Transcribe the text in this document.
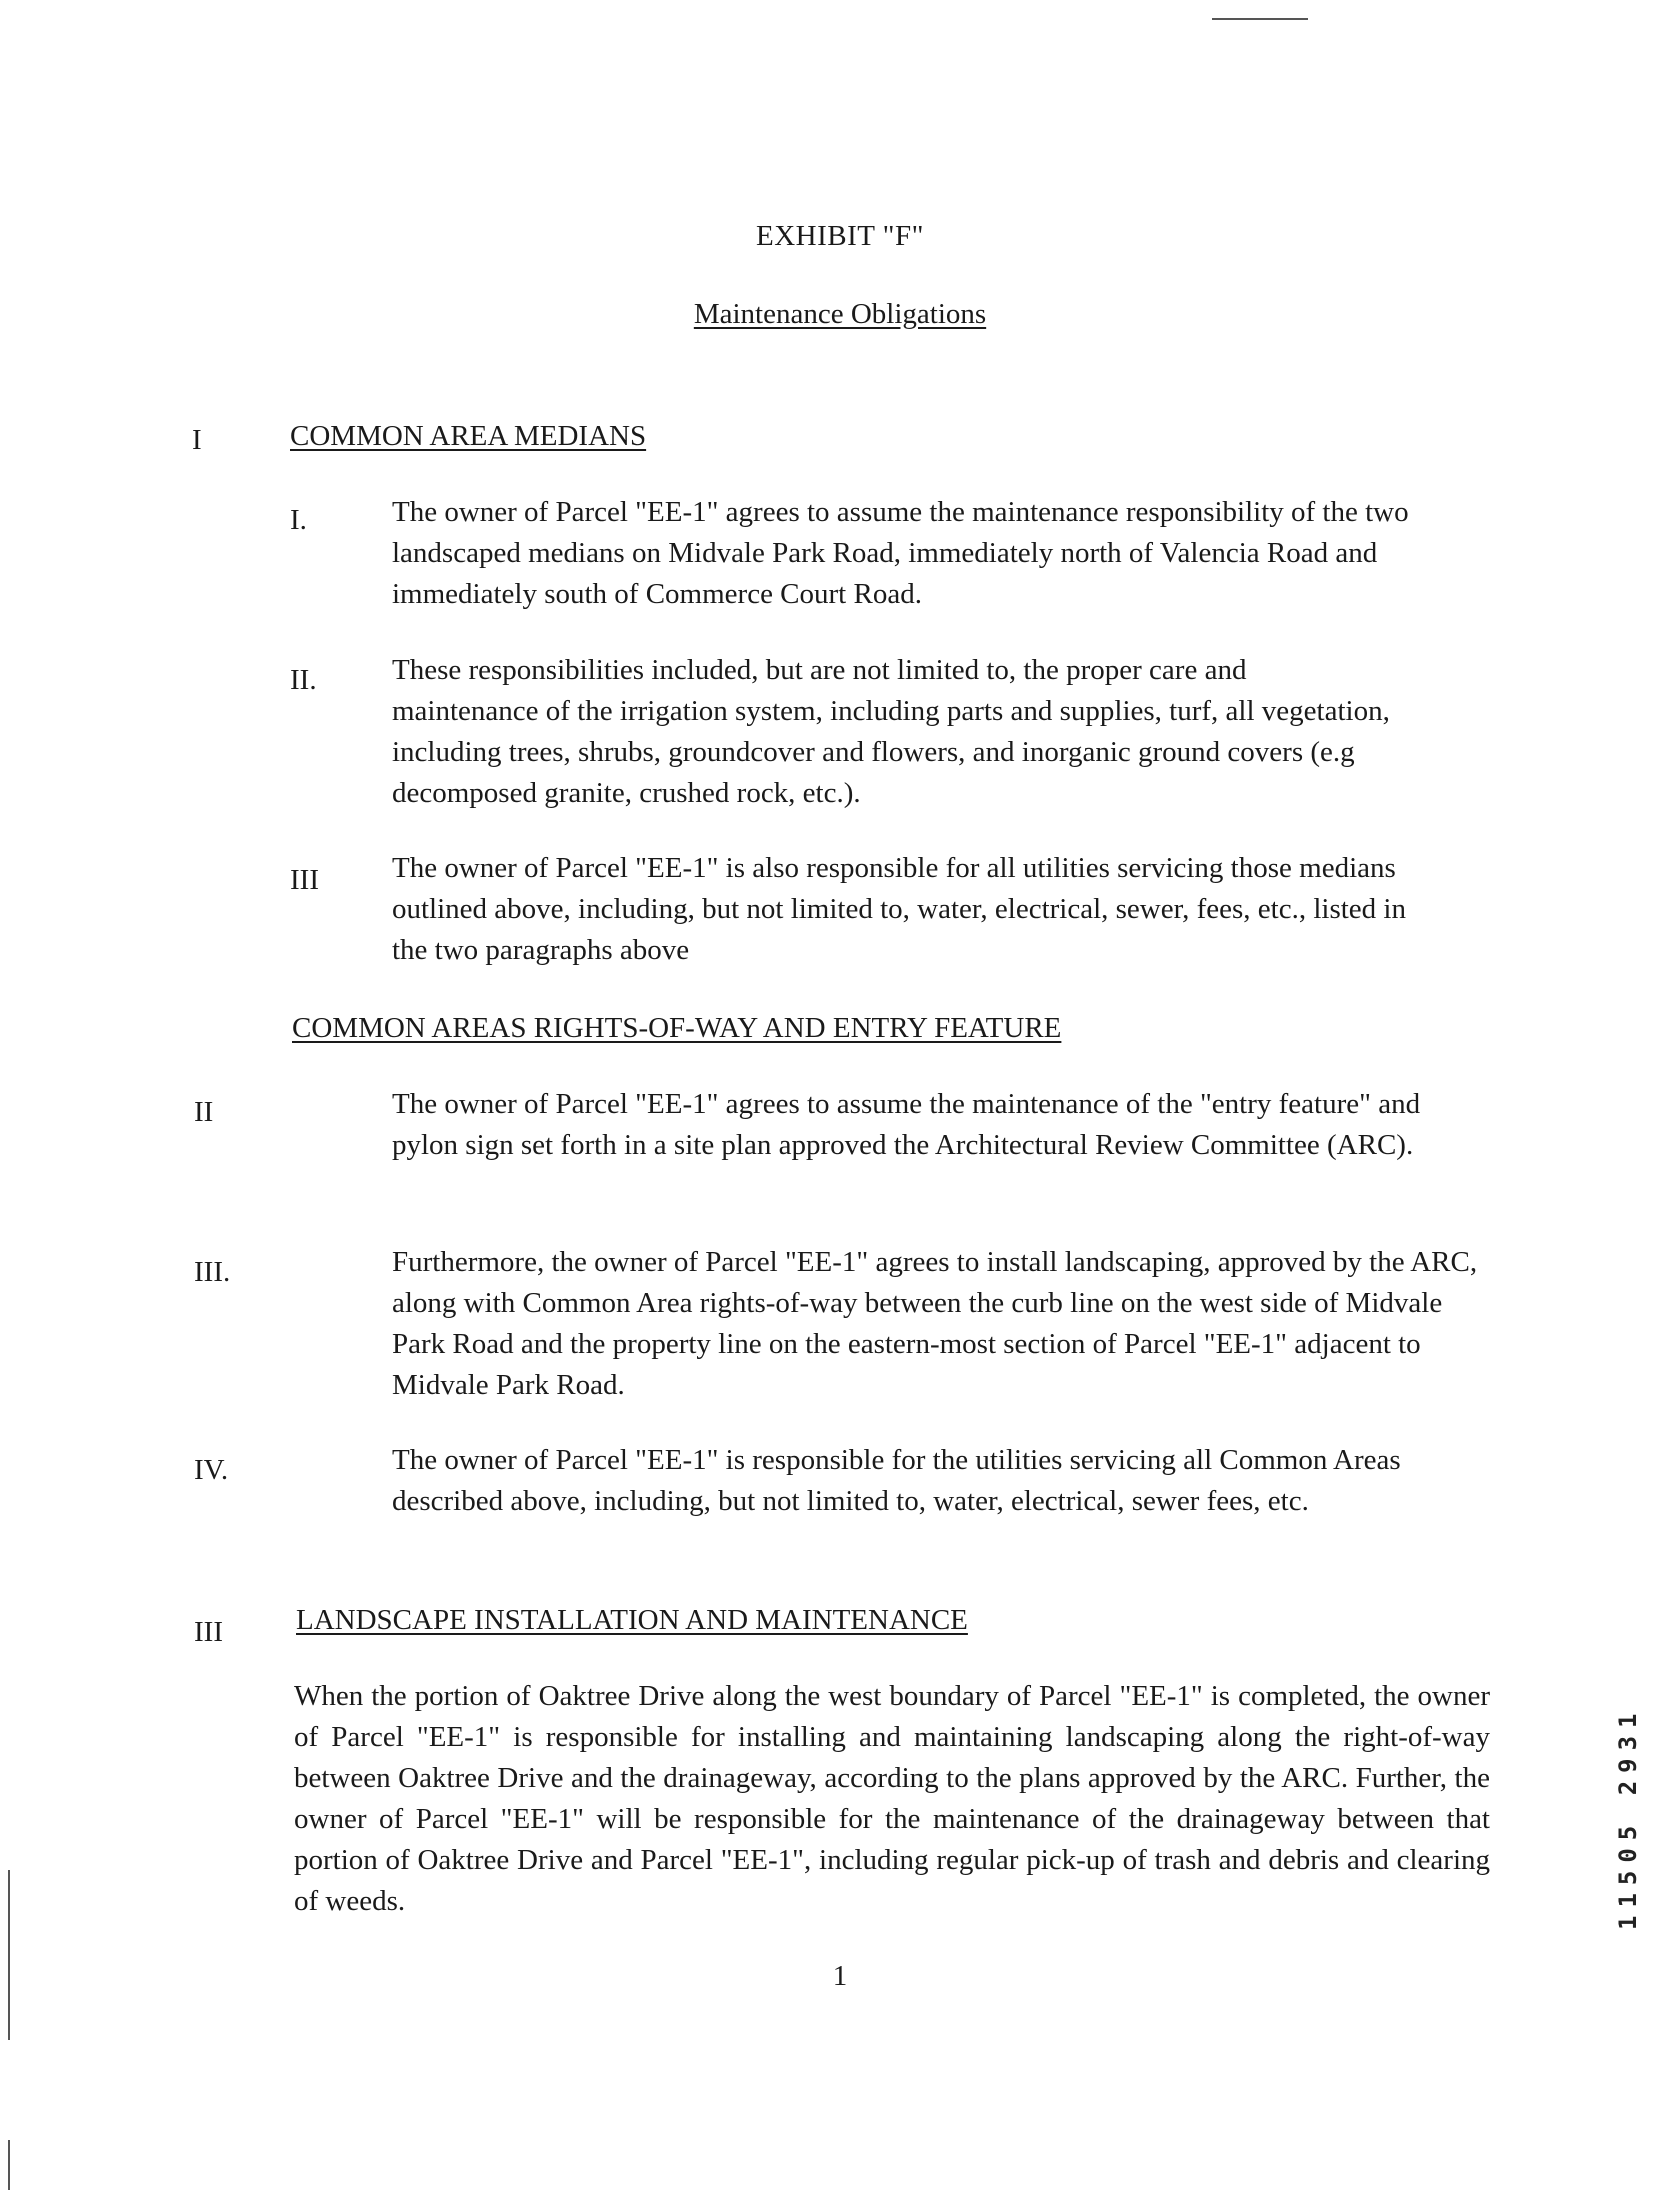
EXHIBIT "F"
Maintenance Obligations
I	COMMON AREA MEDIANS
I.	The owner of Parcel "EE-1" agrees to assume the maintenance responsibility of the two landscaped medians on Midvale Park Road, immediately north of Valencia Road and immediately south of Commerce Court Road.
II.	These responsibilities included, but are not limited to, the proper care and maintenance of the irrigation system, including parts and supplies, turf, all vegetation, including trees, shrubs, groundcover and flowers, and inorganic ground covers (e.g decomposed granite, crushed rock, etc.).
III	The owner of Parcel "EE-1" is also responsible for all utilities servicing those medians outlined above, including, but not limited to, water, electrical, sewer, fees, etc., listed in the two paragraphs above
COMMON AREAS RIGHTS-OF-WAY AND ENTRY FEATURE
II	The owner of Parcel "EE-1" agrees to assume the maintenance of the "entry feature" and pylon sign set forth in a site plan approved the Architectural Review Committee (ARC).
III.	Furthermore, the owner of Parcel "EE-1" agrees to install landscaping, approved by the ARC, along with Common Area rights-of-way between the curb line on the west side of Midvale Park Road and the property line on the eastern-most section of Parcel "EE-1" adjacent to Midvale Park Road.
IV.	The owner of Parcel "EE-1" is responsible for the utilities servicing all Common Areas described above, including, but not limited to, water, electrical, sewer fees, etc.
III	LANDSCAPE INSTALLATION AND MAINTENANCE
When the portion of Oaktree Drive along the west boundary of Parcel "EE-1" is completed, the owner of Parcel "EE-1" is responsible for installing and maintaining landscaping along the right-of-way between Oaktree Drive and the drainageway, according to the plans approved by the ARC. Further, the owner of Parcel "EE-1" will be responsible for the maintenance of the drainageway between that portion of Oaktree Drive and Parcel "EE-1", including regular pick-up of trash and debris and clearing of weeds.
1
11505 2931
